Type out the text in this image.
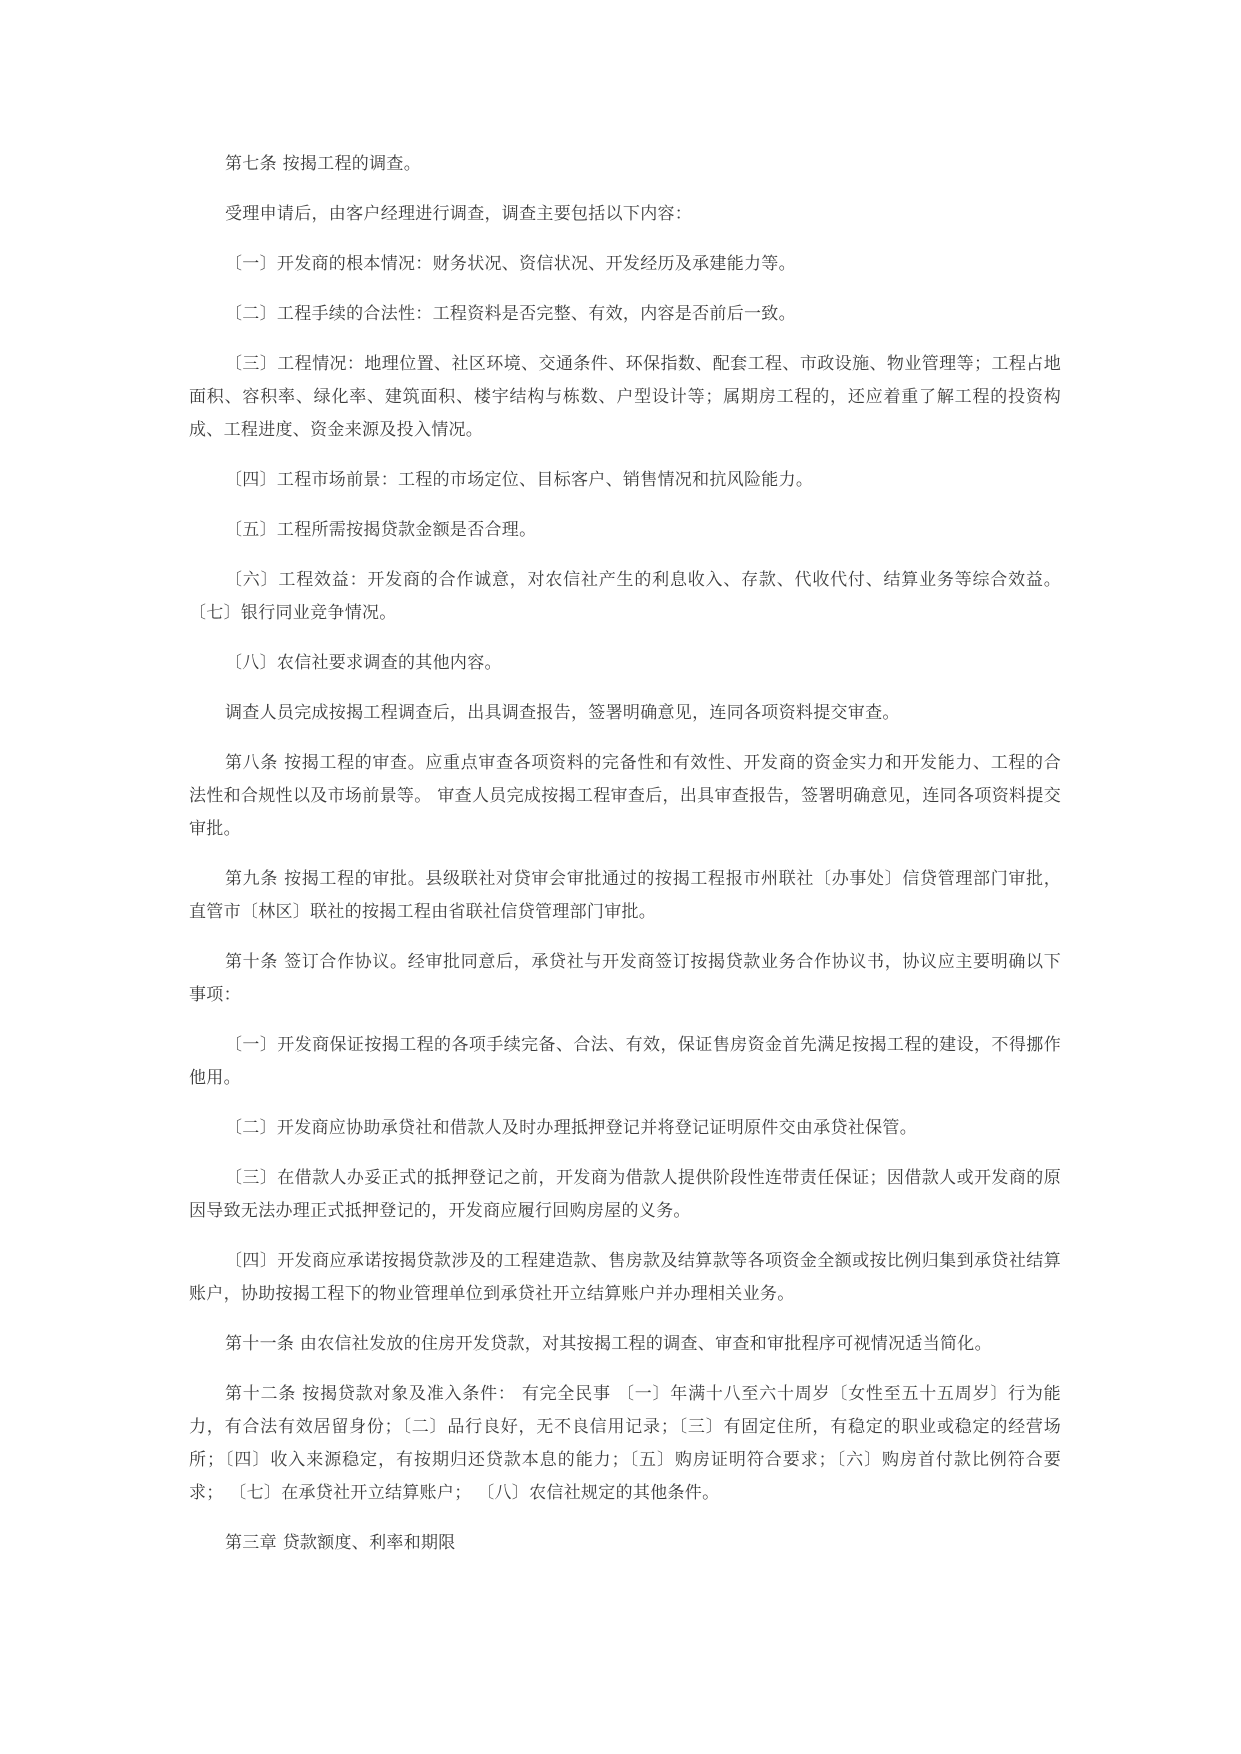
第七条 按揭工程的调查。

受理申请后，由客户经理进行调查，调查主要包括以下内容：

〔一〕开发商的根本情况：财务状况、资信状况、开发经历及承建能力等。

〔二〕工程手续的合法性：工程资料是否完整、有效，内容是否前后一致。

〔三〕工程情况：地理位置、社区环境、交通条件、环保指数、配套工程、市政设施、物业管理等；工程占地面积、容积率、绿化率、建筑面积、楼宇结构与栋数、户型设计等；属期房工程的，还应着重了解工程的投资构成、工程进度、资金来源及投入情况。

〔四〕工程市场前景：工程的市场定位、目标客户、销售情况和抗风险能力。

〔五〕工程所需按揭贷款金额是否合理。

〔六〕工程效益：开发商的合作诚意，对农信社产生的利息收入、存款、代收代付、结算业务等综合效益。 〔七〕银行同业竞争情况。

〔八〕农信社要求调查的其他内容。

调查人员完成按揭工程调查后，出具调查报告，签署明确意见，连同各项资料提交审查。

第八条 按揭工程的审查。应重点审查各项资料的完备性和有效性、开发商的资金实力和开发能力、工程的合法性和合规性以及市场前景等。 审查人员完成按揭工程审查后，出具审查报告，签署明确意见，连同各项资料提交审批。

第九条 按揭工程的审批。县级联社对贷审会审批通过的按揭工程报市州联社〔办事处〕信贷管理部门审批，直管市〔林区〕联社的按揭工程由省联社信贷管理部门审批。

第十条 签订合作协议。经审批同意后，承贷社与开发商签订按揭贷款业务合作协议书，协议应主要明确以下事项：

〔一〕开发商保证按揭工程的各项手续完备、合法、有效，保证售房资金首先满足按揭工程的建设，不得挪作他用。

〔二〕开发商应协助承贷社和借款人及时办理抵押登记并将登记证明原件交由承贷社保管。

〔三〕在借款人办妥正式的抵押登记之前，开发商为借款人提供阶段性连带责任保证；因借款人或开发商的原因导致无法办理正式抵押登记的，开发商应履行回购房屋的义务。

〔四〕开发商应承诺按揭贷款涉及的工程建造款、售房款及结算款等各项资金全额或按比例归集到承贷社结算账户，协助按揭工程下的物业管理单位到承贷社开立结算账户并办理相关业务。

第十一条 由农信社发放的住房开发贷款，对其按揭工程的调查、审查和审批程序可视情况适当简化。

第十二条 按揭贷款对象及准入条件： 有完全民事 〔一〕年满十八至六十周岁〔女性至五十五周岁〕行为能力，有合法有效居留身份；〔二〕品行良好，无不良信用记录；〔三〕有固定住所，有稳定的职业或稳定的经营场所；〔四〕收入来源稳定，有按期归还贷款本息的能力；〔五〕购房证明符合要求；〔六〕购房首付款比例符合要求； 〔七〕在承贷社开立结算账户； 〔八〕农信社规定的其他条件。

第三章 贷款额度、利率和期限
